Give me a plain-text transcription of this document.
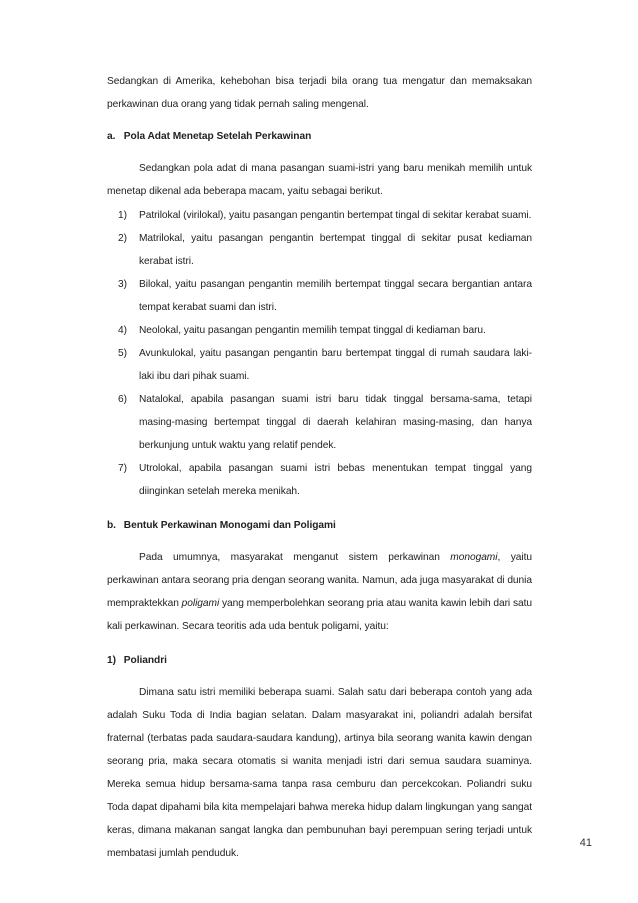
Sedangkan di Amerika, kehebohan bisa terjadi bila orang tua mengatur dan memaksakan perkawinan dua orang yang tidak pernah saling mengenal.

a. Pola Adat Menetap Setelah Perkawinan

Sedangkan pola adat di mana pasangan suami-istri yang baru menikah memilih untuk menetap dikenal ada beberapa macam, yaitu sebagai berikut.

1)	Patrilokal (virilokal), yaitu pasangan pengantin bertempat tingal di sekitar kerabat suami.
2)	Matrilokal, yaitu pasangan pengantin bertempat tinggal di sekitar pusat kediaman kerabat istri.
3)	Bilokal, yaitu pasangan pengantin memilih bertempat tinggal secara bergantian antara tempat kerabat suami dan istri.
4)	Neolokal, yaitu pasangan pengantin memilih tempat tinggal di kediaman baru.
5)	Avunkulokal, yaitu pasangan pengantin baru bertempat tinggal di rumah saudara laki-laki ibu dari pihak suami.
6)	Natalokal, apabila pasangan suami istri baru tidak tinggal bersama-sama, tetapi masing-masing bertempat tinggal di daerah kelahiran masing-masing, dan hanya berkunjung untuk waktu yang relatif pendek.
7)	Utrolokal, apabila pasangan suami istri bebas menentukan tempat tinggal yang diinginkan setelah mereka menikah.
b. Bentuk Perkawinan Monogami dan Poligami

Pada umumnya, masyarakat menganut sistem perkawinan monogami, yaitu perkawinan antara seorang pria dengan seorang wanita. Namun, ada juga masyarakat di dunia mempraktekkan poligami yang memperbolehkan seorang pria atau wanita kawin lebih dari satu kali perkawinan. Secara teoritis ada uda bentuk poligami, yaitu:

1) Poliandri

Dimana satu istri memiliki beberapa suami. Salah satu dari beberapa contoh yang ada adalah Suku Toda di India bagian selatan. Dalam masyarakat ini, poliandri adalah bersifat fraternal (terbatas pada saudara-saudara kandung), artinya bila seorang wanita kawin dengan seorang pria, maka secara otomatis si wanita menjadi istri dari semua saudara suaminya. Mereka semua hidup bersama-sama tanpa rasa cemburu dan percekcokan. Poliandri suku Toda dapat dipahami bila kita mempelajari bahwa mereka hidup dalam lingkungan yang sangat keras, dimana makanan sangat langka dan pembunuhan bayi perempuan sering terjadi untuk membatasi jumlah penduduk.

41
